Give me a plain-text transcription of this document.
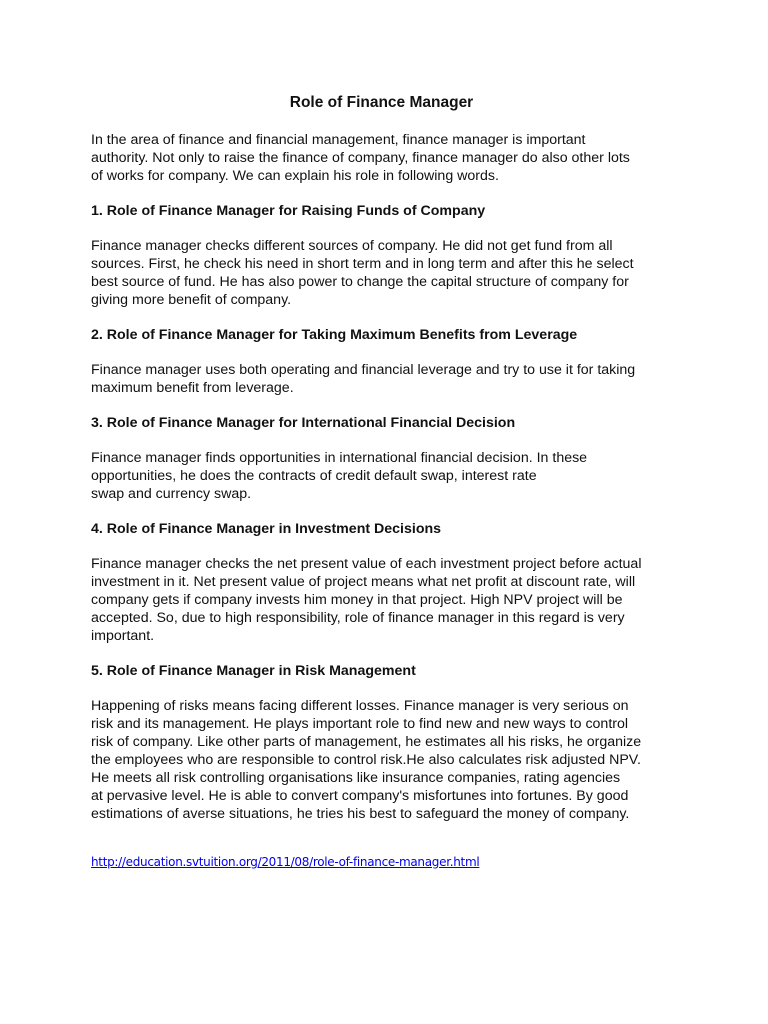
Role of Finance Manager

In the area of finance and financial management, finance manager is important
authority. Not only to raise the finance of company, finance manager do also other lots
of works for company. We can explain his role in following words.

1. Role of Finance Manager for Raising Funds of Company

Finance manager checks different sources of company. He did not get fund from all
sources. First, he check his need in short term and in long term and after this he select
best source of fund. He has also power to change the capital structure of company for
giving more benefit of company.

2. Role of Finance Manager for Taking Maximum Benefits from Leverage

Finance manager uses both operating and financial leverage and try to use it for taking
maximum benefit from leverage.

3. Role of Finance Manager for International Financial Decision

Finance manager finds opportunities in international financial decision. In these
opportunities, he does the contracts of credit default swap, interest rate
swap and currency swap.

4. Role of Finance Manager in Investment Decisions

Finance manager checks the net present value of each investment project before actual
investment in it. Net present value of project means what net profit at discount rate, will
company gets if company invests him money in that project. High NPV project will be
accepted. So, due to high responsibility, role of finance manager in this regard is very
important.

5. Role of Finance Manager in Risk Management

Happening of risks means facing different losses. Finance manager is very serious on
risk and its management. He plays important role to find new and new ways to control
risk of company. Like other parts of management, he estimates all his risks, he organize
the employees who are responsible to control risk.He also calculates risk adjusted NPV.
He meets all risk controlling organisations like insurance companies, rating agencies
at pervasive level. He is able to convert company's misfortunes into fortunes. By good
estimations of averse situations, he tries his best to safeguard the money of company.

http://education.svtuition.org/2011/08/role-of-finance-manager.html
